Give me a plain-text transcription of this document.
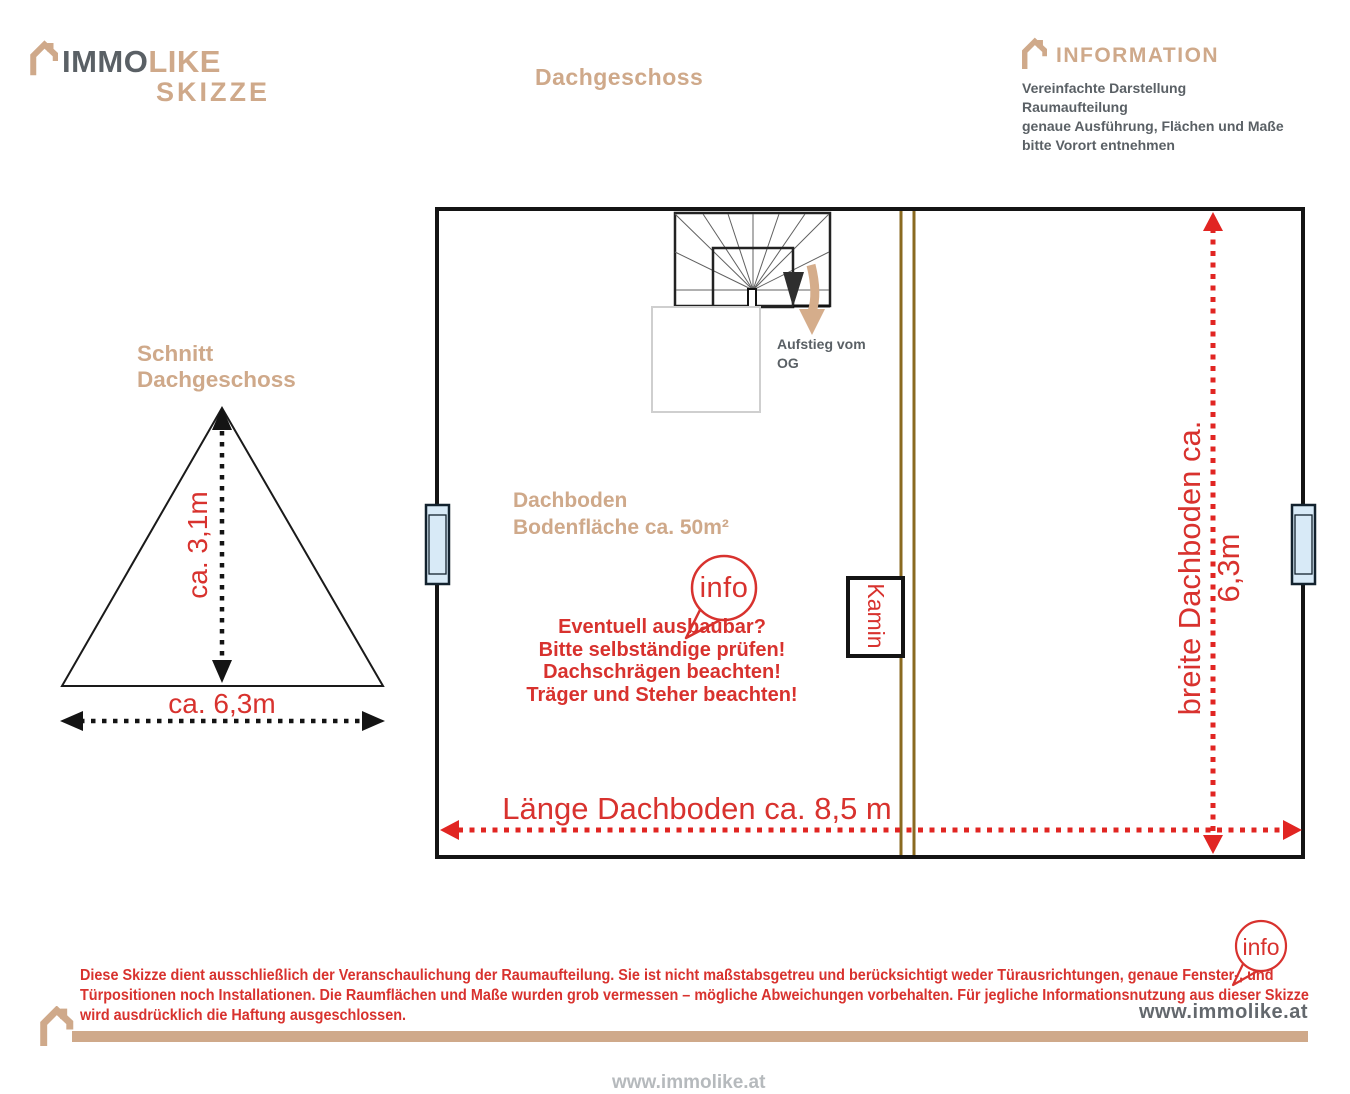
IMMOLIKE
SKIZZE	Dachgeschoss
INFORMATION
Vereinfachte Darstellung
Raumaufteilung
genaue Ausführung, Flächen und Maße
bitte Vorort entnehmen
Schnitt
Dachgeschoss
ca. 3,1m
ca. 6,3m
Aufstieg vom
OG
Dachboden
Bodenfläche ca. 50m²
info
Eventuell ausbaubar?
Bitte selbständige prüfen!
Dachschrägen beachten!
Träger und Steher beachten!
Kamin
Länge Dachboden ca. 8,5 m
breite Dachboden ca. 6,3m
Diese Skizze dient ausschließlich der Veranschaulichung der Raumaufteilung. Sie ist nicht maßstabsgetreu und berücksichtigt weder Türausrichtungen, genaue Fenster-, und
Türpositionen noch Installationen. Die Raumflächen und Maße wurden grob vermessen – mögliche Abweichungen vorbehalten. Für jegliche Informationsnutzung aus dieser Skizze
wird ausdrücklich die Haftung ausgeschlossen.
info
www.immolike.at
www.immolike.at
